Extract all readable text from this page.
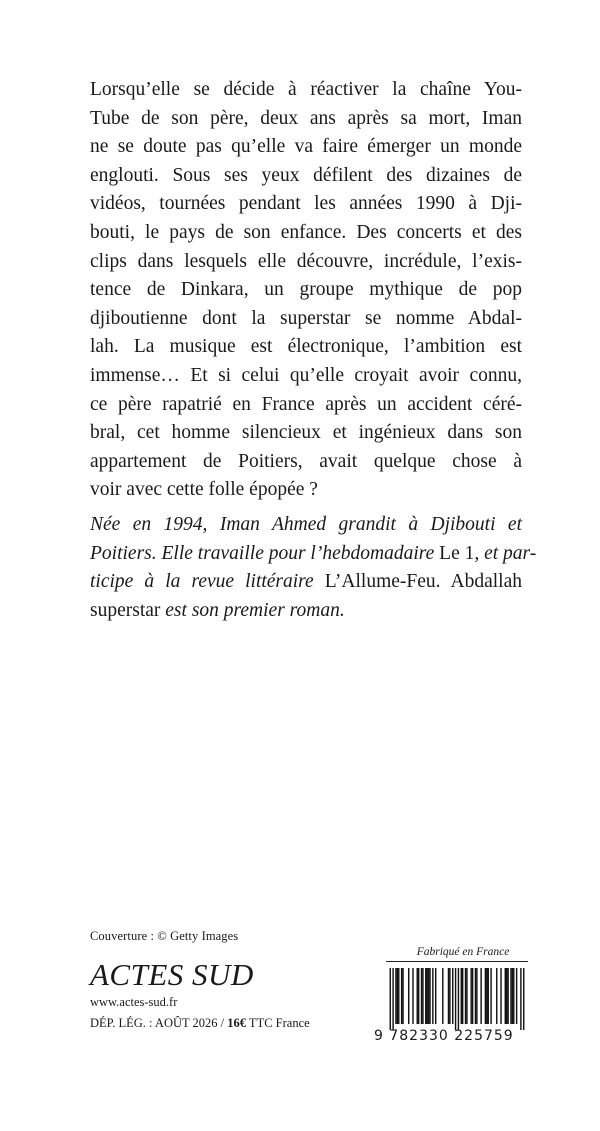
Lorsqu’elle se décide à réactiver la chaîne You-
Tube de son père, deux ans après sa mort, Iman
ne se doute pas qu’elle va faire émerger un monde
englouti. Sous ses yeux défilent des dizaines de
vidéos, tournées pendant les années 1990 à Dji-
bouti, le pays de son enfance. Des concerts et des
clips dans lesquels elle découvre, incrédule, l’exis-
tence de Dinkara, un groupe mythique de pop
djiboutienne dont la superstar se nomme Abdal-
lah. La musique est électronique, l’ambition est
immense… Et si celui qu’elle croyait avoir connu,
ce père rapatrié en France après un accident céré-
bral, cet homme silencieux et ingénieux dans son
appartement de Poitiers, avait quelque chose à
voir avec cette folle épopée ?
Née en 1994, Iman Ahmed grandit à Djibouti et
Poitiers. Elle travaille pour l’hebdomadaire Le 1, et par-
ticipe à la revue littéraire L’Allume-Feu. Abdallah
superstar est son premier roman.
Couverture : © Getty Images
ACTES SUD
www.actes-sud.fr
DÉP. LÉG. : AOÛT 2026 / 16€ TTC France
Fabriqué en France
9 782330 225759
